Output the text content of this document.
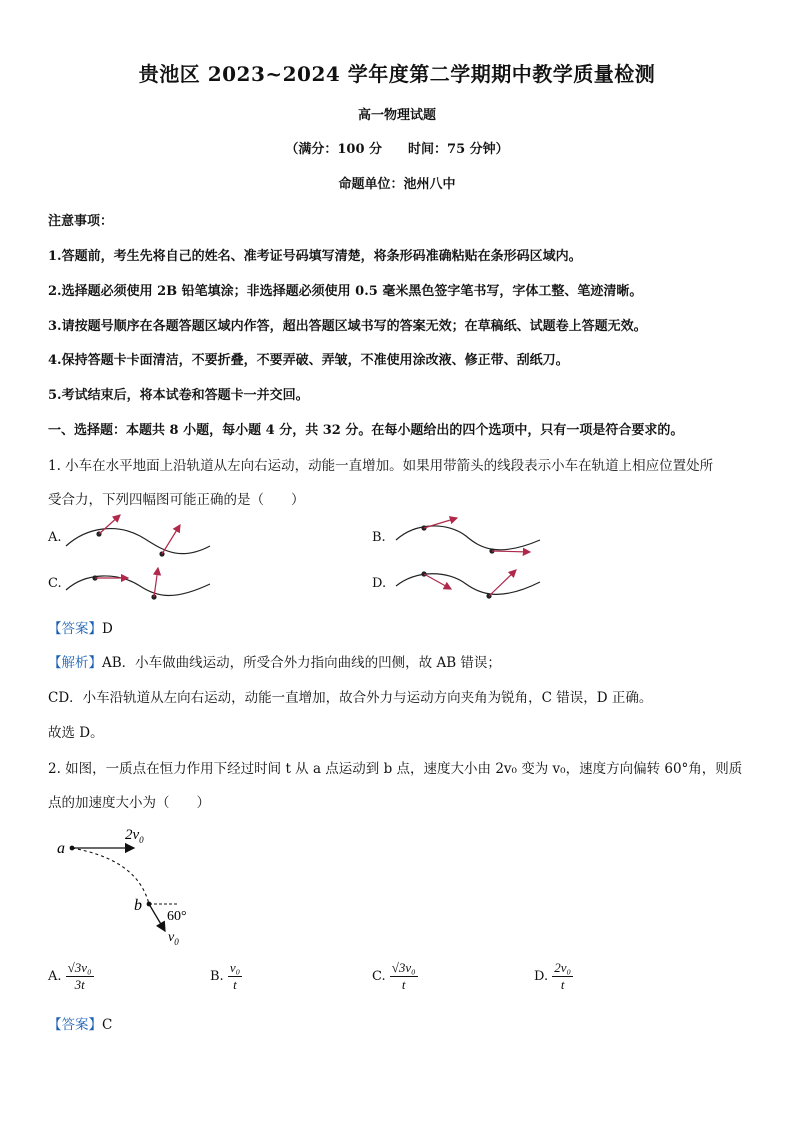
贵池区 2023~2024 学年度第二学期期中教学质量检测
高一物理试题
（满分：100 分　　时间：75 分钟）
命题单位：池州八中
注意事项：
1.答题前，考生先将自己的姓名、准考证号码填写清楚，将条形码准确粘贴在条形码区域内。
2.选择题必须使用 2B 铅笔填涂；非选择题必须使用 0.5 毫米黑色签字笔书写，字体工整、笔迹清晰。
3.请按题号顺序在各题答题区域内作答，超出答题区域书写的答案无效；在草稿纸、试题卷上答题无效。
4.保持答题卡卡面清洁，不要折叠，不要弄破、弄皱，不准使用涂改液、修正带、刮纸刀。
5.考试结束后，将本试卷和答题卡一并交回。
一、选择题：本题共 8 小题，每小题 4 分，共 32 分。在每小题给出的四个选项中，只有一项是符合要求的。
1. 小车在水平地面上沿轨道从左向右运动，动能一直增加。如果用带箭头的线段表示小车在轨道上相应位置处所
受合力，下列四幅图可能正确的是（　　）
A.	B.
C.	D.
【答案】D
【解析】AB．小车做曲线运动，所受合外力指向曲线的凹侧，故 AB 错误；
CD．小车沿轨道从左向右运动，动能一直增加，故合外力与运动方向夹角为锐角，C 错误，D 正确。
故选 D。
2. 如图，一质点在恒力作用下经过时间 t 从 a 点运动到 b 点，速度大小由 2v₀ 变为 v₀，速度方向偏转 60°角，则质
点的加速度大小为（　　）
a
$2v_0$
b
60°
$v_0$
A. $\frac{\text{√3v₀}}{3t}$	B. $\frac{\text{v₀}}{t}$	C. $\frac{\text{√3v₀}}{t}$	D. $\frac{\text{2v₀}}{t}$
【答案】C
